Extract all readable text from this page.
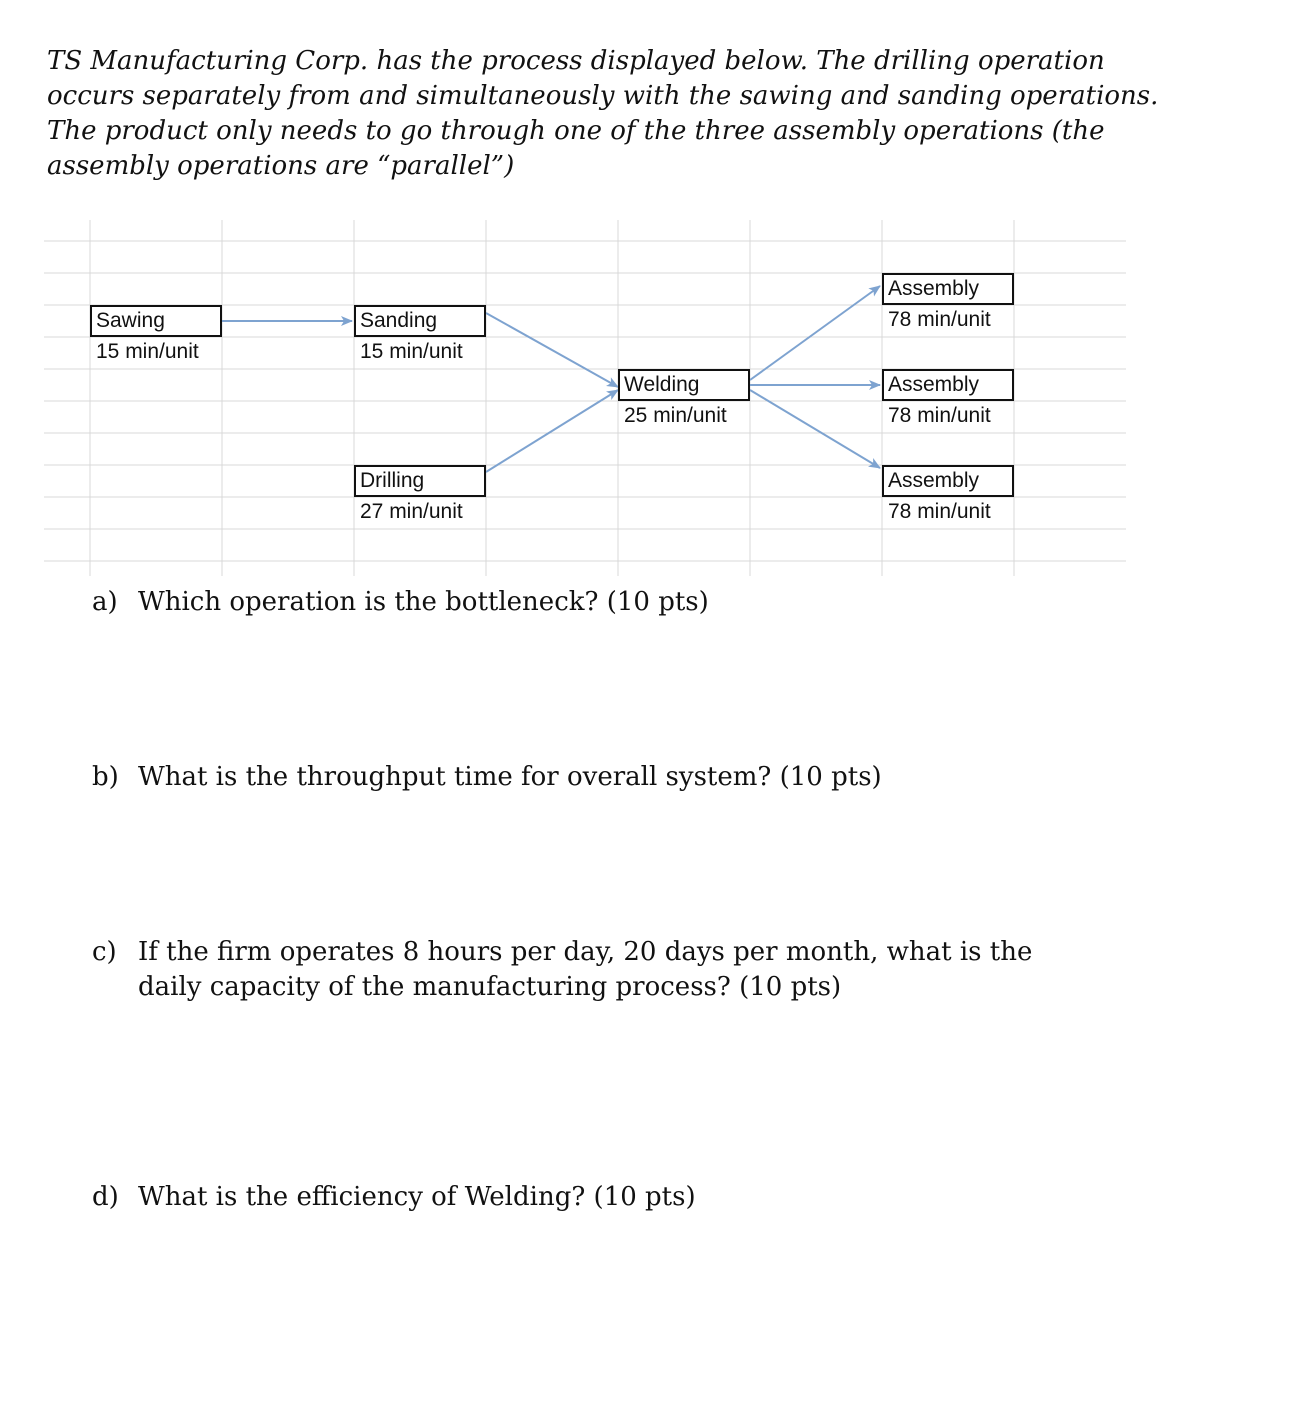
TS Manufacturing Corp. has the process displayed below. The drilling operation occurs separately from and simultaneously with the sawing and sanding operations. The product only needs to go through one of the three assembly operations (the assembly operations are “parallel”)

Sawing
15 min/unit
Sanding
15 min/unit
Drilling
27 min/unit
Welding
25 min/unit
Assembly
78 min/unit
Assembly
78 min/unit
Assembly
78 min/unit
a) Which operation is the bottleneck? (10 pts)
b) What is the throughput time for overall system? (10 pts)
c) If the firm operates 8 hours per day, 20 days per month, what is the daily capacity of the manufacturing process? (10 pts)
d) What is the efficiency of Welding? (10 pts)
